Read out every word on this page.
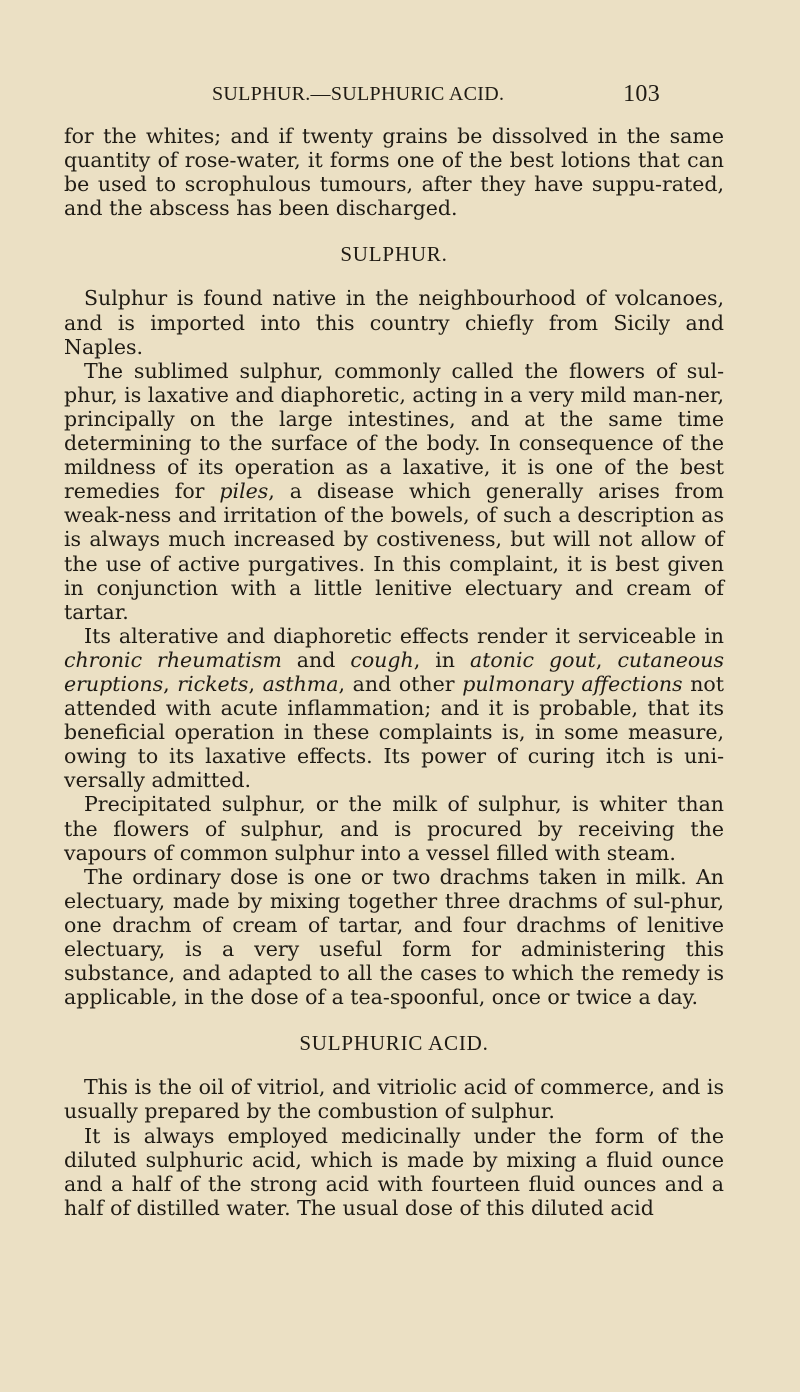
SULPHUR.—SULPHURIC ACID.	103

for the whites; and if twenty grains be dissolved in the same quantity of rose-water, it forms one of the best lotions that can be used to scrophulous tumours, after they have suppu-rated, and the abscess has been discharged.

SULPHUR.

Sulphur is found native in the neighbourhood of volcanoes, and is imported into this country chiefly from Sicily and Naples.

The sublimed sulphur, commonly called the flowers of sul-phur, is laxative and diaphoretic, acting in a very mild man-ner, principally on the large intestines, and at the same time determining to the surface of the body. In consequence of the mildness of its operation as a laxative, it is one of the best remedies for piles, a disease which generally arises from weak-ness and irritation of the bowels, of such a description as is always much increased by costiveness, but will not allow of the use of active purgatives. In this complaint, it is best given in conjunction with a little lenitive electuary and cream of tartar.

Its alterative and diaphoretic effects render it serviceable in chronic rheumatism and cough, in atonic gout, cutaneous eruptions, rickets, asthma, and other pulmonary affections not attended with acute inflammation; and it is probable, that its beneficial operation in these complaints is, in some measure, owing to its laxative effects. Its power of curing itch is uni-versally admitted.

Precipitated sulphur, or the milk of sulphur, is whiter than the flowers of sulphur, and is procured by receiving the vapours of common sulphur into a vessel filled with steam.

The ordinary dose is one or two drachms taken in milk. An electuary, made by mixing together three drachms of sul-phur, one drachm of cream of tartar, and four drachms of lenitive electuary, is a very useful form for administering this substance, and adapted to all the cases to which the remedy is applicable, in the dose of a tea-spoonful, once or twice a day.

SULPHURIC ACID.

This is the oil of vitriol, and vitriolic acid of commerce, and is usually prepared by the combustion of sulphur.

It is always employed medicinally under the form of the diluted sulphuric acid, which is made by mixing a fluid ounce and a half of the strong acid with fourteen fluid ounces and a half of distilled water. The usual dose of this diluted acid
